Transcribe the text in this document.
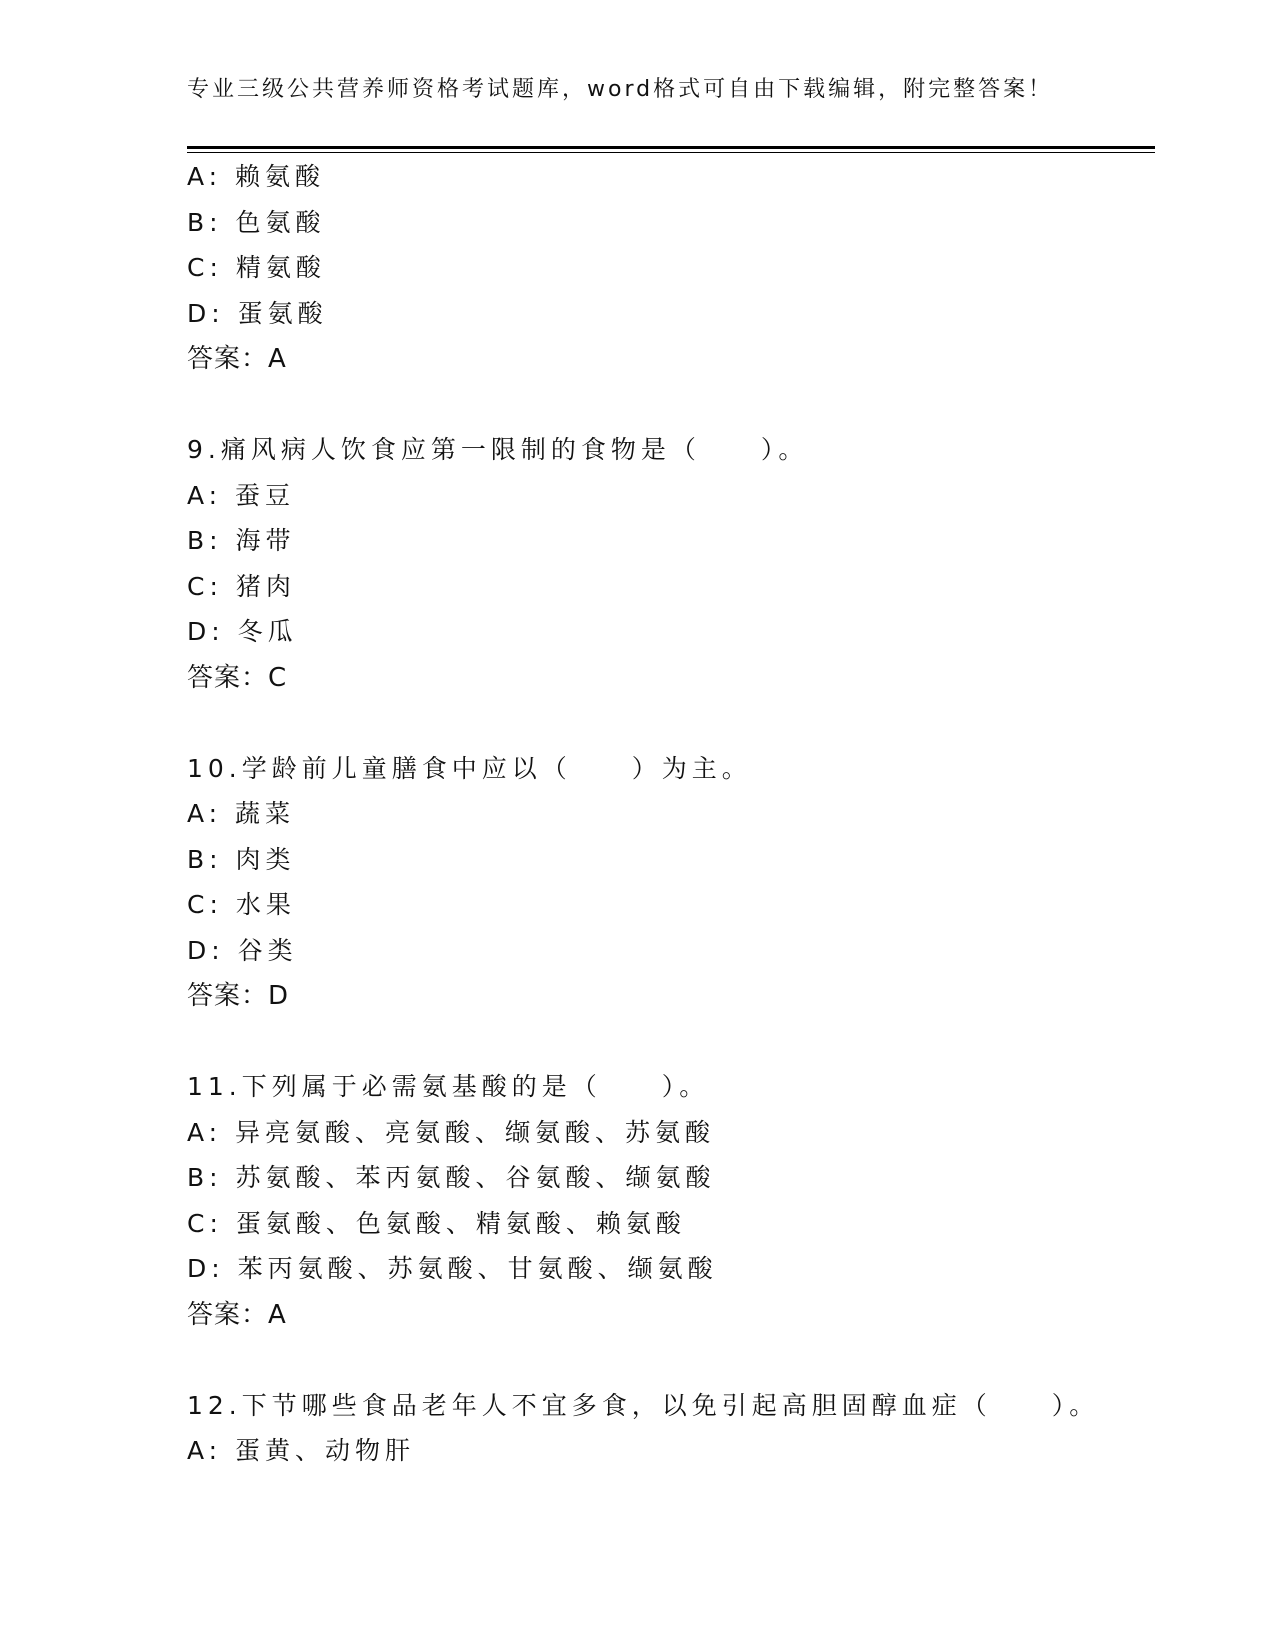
专业三级公共营养师资格考试题库，word格式可自由下载编辑，附完整答案！
A: 赖氨酸
B: 色氨酸
C: 精氨酸
D: 蛋氨酸
答案：A
9.痛风病人饮食应第一限制的食物是（　　）。
A: 蚕豆
B: 海带
C: 猪肉
D: 冬瓜
答案：C
10.学龄前儿童膳食中应以（　　）为主。
A: 蔬菜
B: 肉类
C: 水果
D: 谷类
答案：D
11.下列属于必需氨基酸的是（　　）。
A: 异亮氨酸、亮氨酸、缬氨酸、苏氨酸
B: 苏氨酸、苯丙氨酸、谷氨酸、缬氨酸
C: 蛋氨酸、色氨酸、精氨酸、赖氨酸
D: 苯丙氨酸、苏氨酸、甘氨酸、缬氨酸
答案：A
12.下节哪些食品老年人不宜多食，以免引起高胆固醇血症（　　）。
A: 蛋黄、动物肝
